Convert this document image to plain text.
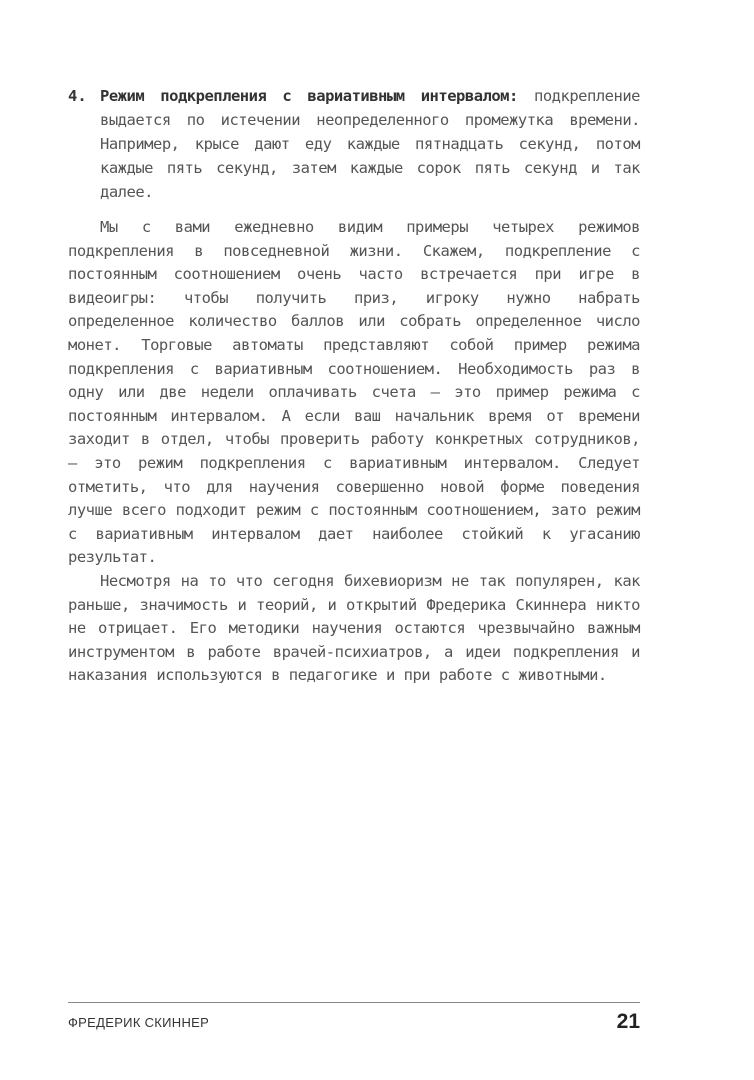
4. Режим подкрепления с вариативным интервалом: подкрепление выдается по истечении неопределенного промежутка времени. Например, крысе дают еду каждые пятнадцать секунд, потом каждые пять секунд, затем каждые сорок пять секунд и так далее.

Мы с вами ежедневно видим примеры четырех режимов подкрепления в повседневной жизни. Скажем, подкрепление с постоянным соотношением очень часто встречается при игре в видеоигры: чтобы получить приз, игроку нужно набрать определенное количество баллов или собрать определенное число монет. Торговые автоматы представляют собой пример режима подкрепления с вариативным соотношением. Необходимость раз в одну или две недели оплачивать счета – это пример режима с постоянным интервалом. А если ваш начальник время от времени заходит в отдел, чтобы проверить работу конкретных сотрудников, – это режим подкрепления с вариативным интервалом. Следует отметить, что для научения совершенно новой форме поведения лучше всего подходит режим с постоянным соотношением, зато режим с вариативным интервалом дает наиболее стойкий к угасанию результат.

Несмотря на то что сегодня бихевиоризм не так популярен, как раньше, значимость и теорий, и открытий Фредерика Скиннера никто не отрицает. Его методики научения остаются чрезвычайно важным инструментом в работе врачей-психиатров, а идеи подкрепления и наказания используются в педагогике и при работе с животными.

ФРЕДЕРИК СКИННЕР	21
